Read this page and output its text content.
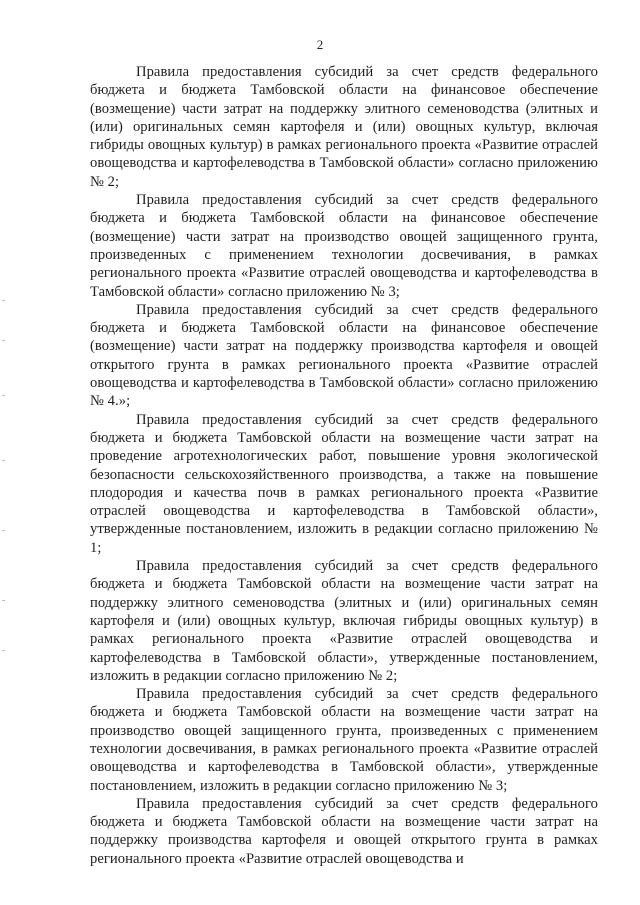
2

Правила предоставления субсидий за счет средств федерального бюджета и бюджета Тамбовской области на финансовое обеспечение (возмещение) части затрат на поддержку элитного семеноводства (элитных и (или) оригинальных семян картофеля и (или) овощных культур, включая гибриды овощных культур) в рамках регионального проекта «Развитие отраслей овощеводства и картофелеводства в Тамбовской области» согласно приложению № 2;

Правила предоставления субсидий за счет средств федерального бюджета и бюджета Тамбовской области на финансовое обеспечение (возмещение) части затрат на производство овощей защищенного грунта, произведенных с применением технологии досвечивания, в рамках регионального проекта «Развитие отраслей овощеводства и картофелеводства в Тамбовской области» согласно приложению № 3;

Правила предоставления субсидий за счет средств федерального бюджета и бюджета Тамбовской области на финансовое обеспечение (возмещение) части затрат на поддержку производства картофеля и овощей открытого грунта в рамках регионального проекта «Развитие отраслей овощеводства и картофелеводства в Тамбовской области» согласно приложению № 4.»;

Правила предоставления субсидий за счет средств федерального бюджета и бюджета Тамбовской области на возмещение части затрат на проведение агротехнологических работ, повышение уровня экологической безопасности сельскохозяйственного производства, а также на повышение плодородия и качества почв в рамках регионального проекта «Развитие отраслей овощеводства и картофелеводства в Тамбовской области», утвержденные постановлением, изложить в редакции согласно приложению № 1;

Правила предоставления субсидий за счет средств федерального бюджета и бюджета Тамбовской области на возмещение части затрат на поддержку элитного семеноводства (элитных и (или) оригинальных семян картофеля и (или) овощных культур, включая гибриды овощных культур) в рамках регионального проекта «Развитие отраслей овощеводства и картофелеводства в Тамбовской области», утвержденные постановлением, изложить в редакции согласно приложению № 2;

Правила предоставления субсидий за счет средств федерального бюджета и бюджета Тамбовской области на возмещение части затрат на производство овощей защищенного грунта, произведенных с применением технологии досвечивания, в рамках регионального проекта «Развитие отраслей овощеводства и картофелеводства в Тамбовской области», утвержденные постановлением, изложить в редакции согласно приложению № 3;

Правила предоставления субсидий за счет средств федерального бюджета и бюджета Тамбовской области на возмещение части затрат на поддержку производства картофеля и овощей открытого грунта в рамках регионального проекта «Развитие отраслей овощеводства и
